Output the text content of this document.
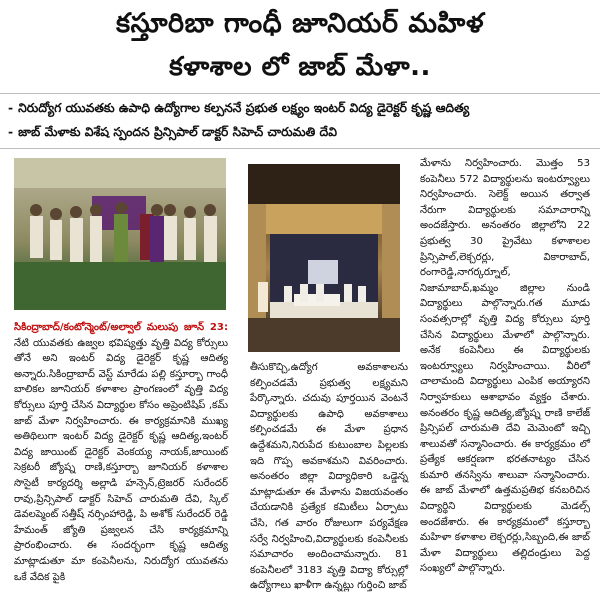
కస్తూరిబా గాంధీ జూనియర్ మహిళ
కళాశాల లో జాబ్ మేళా..
- నిరుద్యోగ యువతకు ఉపాధి ఉద్యోగాల కల్పననే ప్రభుత లక్ష్యం ఇంటర్ విద్య డైరెక్టర్ కృష్ణ ఆదిత్య
- జాబ్ మేళాకు విశేష స్పందన ప్రిన్సిపాల్ డాక్టర్ సిహెచ్ చారుమతి దేవి

సికింద్రాబాద్/కంటోన్మెంట్/అల్వాల్ మలుపు జూన్ 23: నేటి యువతకు ఉజ్వల భవిష్యత్తు వృత్తి విద్య కోర్సులు తోనే అని ఇంటర్ విద్య డైరెక్టర్ కృష్ణ ఆదిత్య అన్నారు.సికింద్రాబాద్ వెస్ట్ మారేడు పల్లి కస్తూర్బా గాంధీ బాలికల జూనియర్ కళాశాల ప్రాంగణంలో వృత్తి విద్య కోర్సులు పూర్తి చేసిన విద్యార్థుల కోసం అప్రెంటిషిప్ ,కమ్ జాబ్ మేళా నిర్వహించారు. ఈ కార్యక్రమానికి ముఖ్య అతిథిలుగా ఇంటర్ విద్య డైరెక్టర్ కృష్ణ ఆదిత్య,ఇంటర్ విద్య జాయింట్ డైరెక్టర్ వెంకయ్య నాయక్,జాయింట్ సెక్రటరీ జ్యోష్న రాణి,కస్తూర్బా జూనియర్ కళాశాల సొసైటీ కార్యదర్శి అల్లాడి హన్సెన్,ట్రెజరర్ సురేందర్ రావు,ప్రిన్సిపాల్ డాక్టర్ సిహెచ్ చారుమతి దేవి, స్కిల్ డెవలప్మెంట్ సత్తీష్ నర్సింహారెడ్డి, పి అశోక్ సురేందర్ రెడ్డి హేమంత్ జ్యోతి ప్రజ్వలన చేసి కార్యక్రమాన్ని ప్రారంభించారు. ఈ సందర్భంగా కృష్ణ ఆదిత్య మాట్లాడుతూ మా కంపెనీలను, నిరుద్యోగ యువతను ఒకే వేదిక పైకి

తీసుకొచ్చి,ఉద్యోగ అవకాశాలను కల్పించడమే ప్రభుత్వ లక్ష్యమని పేర్కొన్నారు. చదువు పూర్తయిన వెంటనే విద్యార్థులకు ఉపాధి అవకాశాలు కల్పించడమే ఈ మేళా ప్రధాన ఉద్దేశమని,నిరుపేద కుటుంబాల పిల్లలకు ఇది గొప్ప అవకాశమని వివరించారు. అనంతరం జిల్లా విద్యాధికారి ఒడ్డెన్న మాట్లాడుతూ ఈ మేళాను విజయవంతం చేయడానికి ప్రత్యేక కమిటీలు ఏర్పాటు చేసి, గత వారం రోజులుగా పర్యవేక్షణ సర్వే నిర్వహించి,విద్యార్థులకు కంపెనీలకు సమాచారం అందించామన్నారు. 81 కంపెనీలలో 3183 వృత్తి విద్యా కోర్సుల్లో ఉద్యోగాలు ఖాళీగా ఉన్నట్లు గుర్తించి జాబ్

మేళాను నిర్వహించారు. మొత్తం 53 కంపెనీలు 572 విద్యార్థులను ఇంటర్వ్యూలు నిర్వహించారు. సెలెక్ట్ అయిన తర్వాత నేరుగా విద్యార్థులకు సమాచారాన్ని అందజేస్తారు. అనంతరం జిల్లాలోని 22 ప్రభుత్వ 30 ప్రైవేటు కళాశాలల ప్రిన్సిపాల్,లెక్చరర్లు, వికారాబాద్, రంగారెడ్డి,నాగర్కర్నూల్, నిజామాబాద్,ఖమ్మం జిల్లాల నుండి విద్యార్థులు పాల్గొన్నారు.గత మూడు సంవత్సరాల్లో వృత్తి విద్య కోర్సులు పూర్తి చేసిన విద్యార్థులు మేళాలో పాల్గొన్నారు. అనేక కంపెనీలు ఈ విద్యార్థులకు ఇంటర్వ్యూలు నిర్వహించాయి. వీరిలో చాలామంది విద్యార్థులు ఎంపిక అయ్యారని నిర్వాహకులు ఆశాభావం వ్యక్తం చేశారు. అనంతరం కృష్ణ ఆదిత్య,జ్యోష్న రాణి కాలేజ్ ప్రిన్సిపల్ చారుమతి దేవి మెమెంటో ఇచ్చి శాలువతో సన్మానించారు. ఈ కార్యక్రమం లో ప్రత్యేక ఆకర్షణగా భరతనాట్యం చేసిన కుమారి తనస్విను శాలువా సన్మానించారు. ఈ జాబ్ మేళాలో ఉత్తమప్రతిభ కనబరిచిన విద్యార్థిని విద్యార్థులకు మెడల్స్ అందజేశారు. ఈ కార్యక్రమంలో కస్తూర్బా మహిళా కళాశాల లెక్చరర్లు,సిబ్బంది,ఈ జాబ్ మేళా విద్యార్థులు తల్లిదండ్రులు పెద్ద సంఖ్యలో పాల్గొన్నారు.
